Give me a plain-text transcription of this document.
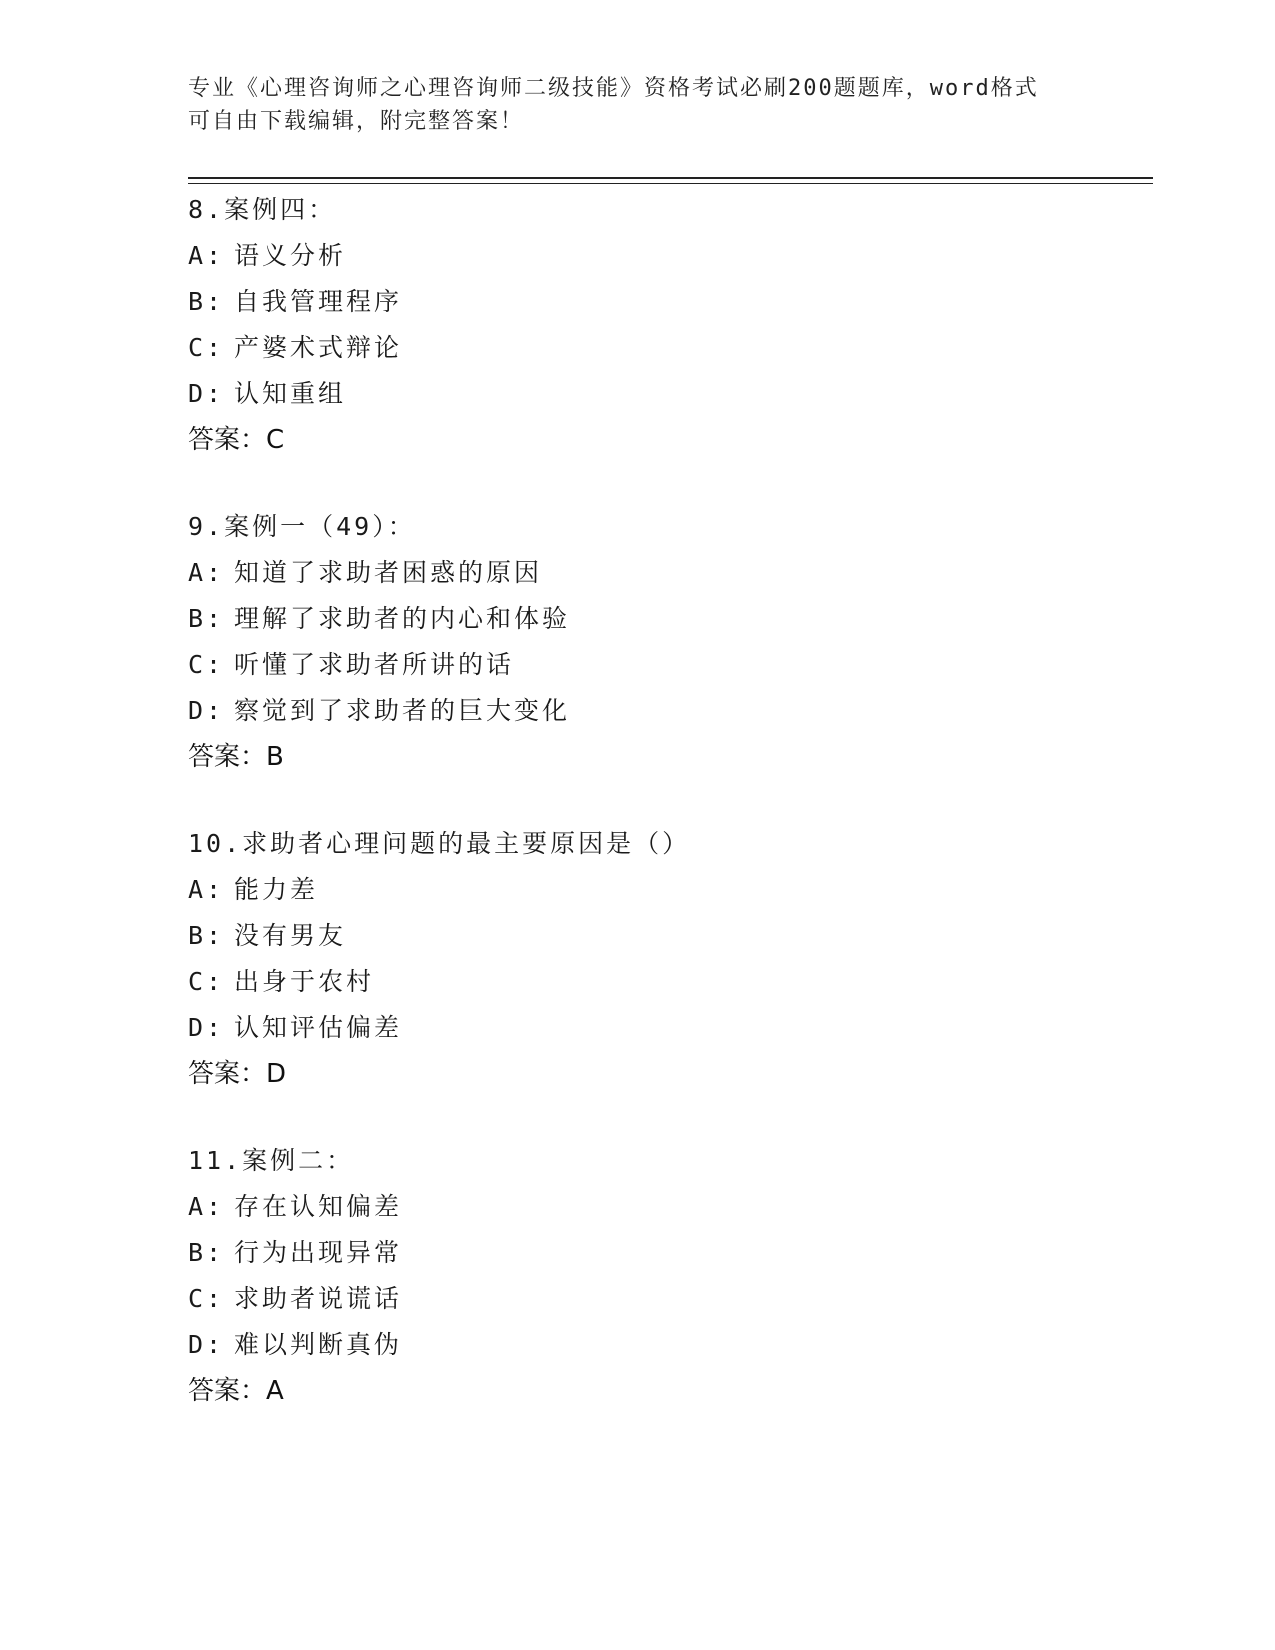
专业《心理咨询师之心理咨询师二级技能》资格考试必刷200题题库，word格式
可自由下载编辑，附完整答案！
8.案例四：
A: 语义分析
B: 自我管理程序
C: 产婆术式辩论
D: 认知重组
答案：C
9.案例一（49）：
A: 知道了求助者困惑的原因
B: 理解了求助者的内心和体验
C: 听懂了求助者所讲的话
D: 察觉到了求助者的巨大变化
答案：B
10.求助者心理问题的最主要原因是（）
A: 能力差
B: 没有男友
C: 出身于农村
D: 认知评估偏差
答案：D
11.案例二：
A: 存在认知偏差
B: 行为出现异常
C: 求助者说谎话
D: 难以判断真伪
答案：A
